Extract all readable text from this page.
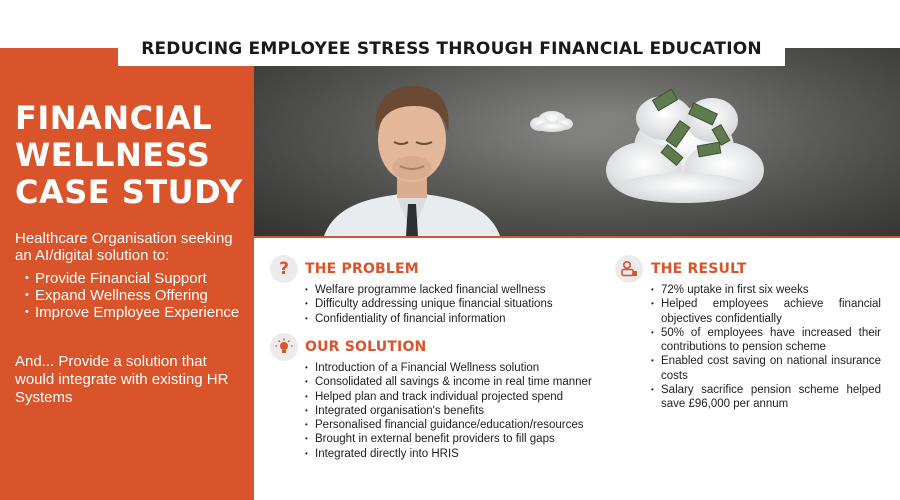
REDUCING EMPLOYEE STRESS THROUGH FINANCIAL EDUCATION
FINANCIAL
WELLNESS
CASE STUDY
Healthcare Organisation seeking an AI/digital solution to:
• Provide Financial Support
• Expand Wellness Offering
• Improve Employee Experience
And... Provide a solution that would integrate with existing HR Systems
? THE PROBLEM
• Welfare programme lacked financial wellness
• Difficulty addressing unique financial situations
• Confidentiality of financial information
OUR SOLUTION
• Introduction of a Financial Wellness solution
• Consolidated all savings & income in real time manner
• Helped plan and track individual projected spend
• Integrated organisation's benefits
• Personalised financial guidance/education/resources
• Brought in external benefit providers to fill gaps
• Integrated directly into HRIS
THE RESULT
• 72% uptake in first six weeks
• Helped employees achieve financial objectives confidentially
• 50% of employees have increased their contributions to pension scheme
• Enabled cost saving on national insurance costs
• Salary sacrifice pension scheme helped save £96,000 per annum
